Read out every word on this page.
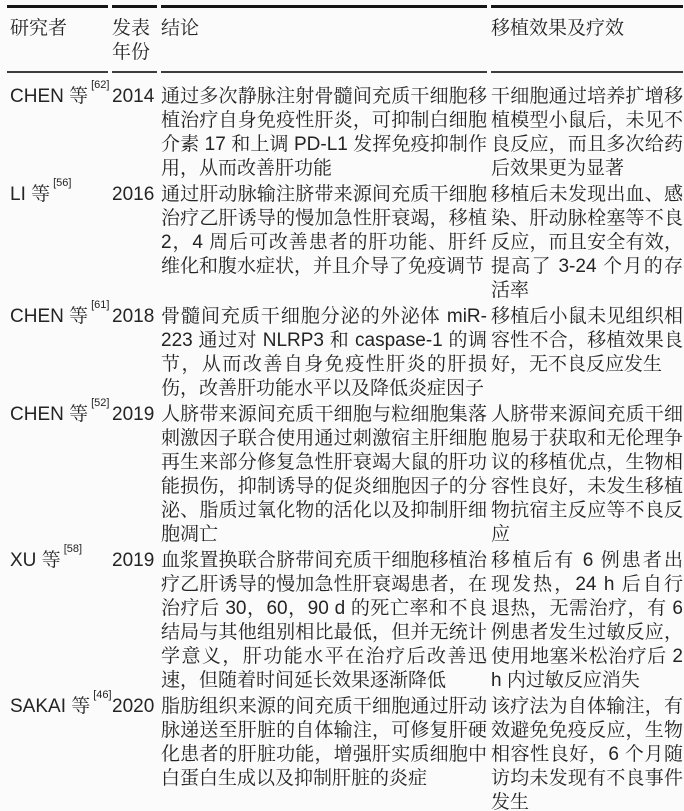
研究者	发表年份
结论	移植效果及疗效
CHEN 等[62]
2014 通过多次静脉注射骨髓间充质干细胞移植治疗自身免疫性肝炎，可抑制白细胞介素 17 和上调 PD-L1 发挥免疫抑制作用，从而改善肝功能
干细胞通过培养扩增移植模型小鼠后，未见不良反应，而且多次给药后效果更为显著
LI 等[56]
2016 通过肝动脉输注脐带来源间充质干细胞治疗乙肝诱导的慢加急性肝衰竭，移植 2，4 周后可改善患者的肝功能、肝纤维化和腹水症状，并且介导了免疫调节
移植后未发现出血、感染、肝动脉栓塞等不良反应，而且安全有效，提高了 3-24 个月的存活率
CHEN 等[61]
2018 骨髓间充质干细胞分泌的外泌体 miR-223 通过对 NLRP3 和 caspase-1 的调节，从而改善自身免疫性肝炎的肝损伤，改善肝功能水平以及降低炎症因子
移植后小鼠未见组织相容性不合，移植效果良好，无不良反应发生
CHEN 等[52]
2019 人脐带来源间充质干细胞与粒细胞集落刺激因子联合使用通过刺激宿主肝细胞再生来部分修复急性肝衰竭大鼠的肝功能损伤，抑制诱导的促炎细胞因子的分泌、脂质过氧化物的活化以及抑制肝细胞凋亡
人脐带来源间充质干细胞易于获取和无伦理争议的移植优点，生物相容性良好，未发生移植物抗宿主反应等不良反应
XU 等[58]
2019 血浆置换联合脐带间充质干细胞移植治疗乙肝诱导的慢加急性肝衰竭患者，在治疗后 30，60，90 d 的死亡率和不良结局与其他组别相比最低，但并无统计学意义，肝功能水平在治疗后改善迅速，但随着时间延长效果逐渐降低
移植后有 6 例患者出现发热，24 h 后自行退热，无需治疗，有 6 例患者发生过敏反应，使用地塞米松治疗后 2 h 内过敏反应消失
SAKAI 等[46]
2020 脂肪组织来源的间充质干细胞通过肝动脉递送至肝脏的自体输注，可修复肝硬化患者的肝脏功能，增强肝实质细胞中白蛋白生成以及抑制肝脏的炎症
该疗法为自体输注，有效避免免疫反应，生物相容性良好，6 个月随访均未发现有不良事件发生
